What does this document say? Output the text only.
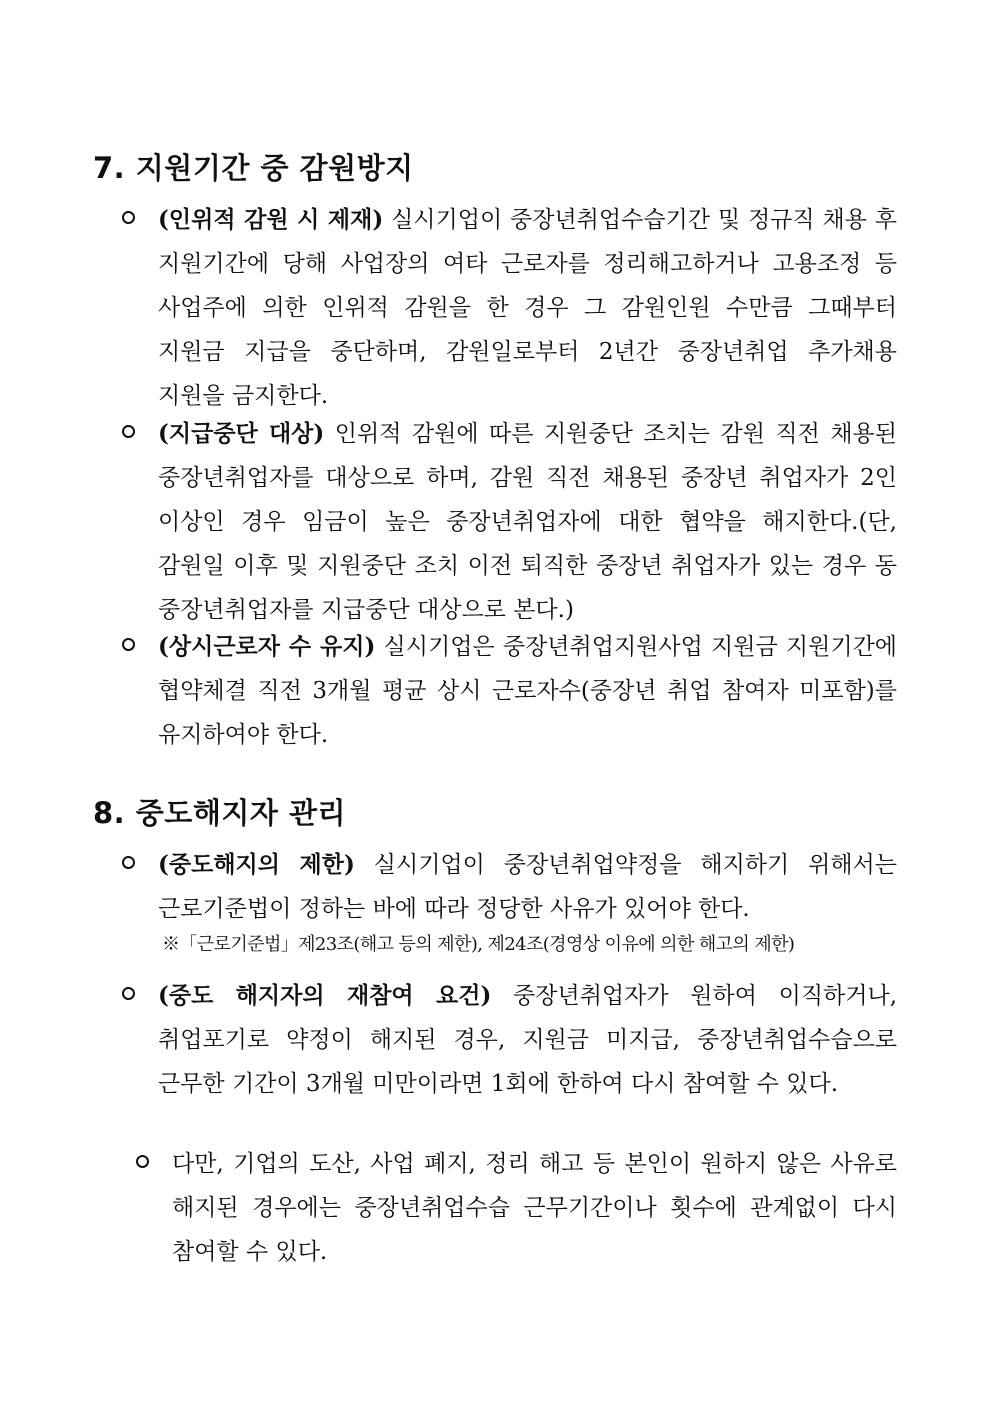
7. 지원기간 중 감원방지
(인위적 감원 시 제재) 실시기업이 중장년취업수습기간 및 정규직 채용 후 지원기간에 당해 사업장의 여타 근로자를 정리해고하거나 고용조정 등 사업주에 의한 인위적 감원을 한 경우 그 감원인원 수만큼 그때부터 지원금 지급을 중단하며, 감원일로부터 2년간 중장년취업 추가채용 지원을 금지한다.
(지급중단 대상) 인위적 감원에 따른 지원중단 조치는 감원 직전 채용된 중장년취업자를 대상으로 하며, 감원 직전 채용된 중장년 취업자가 2인 이상인 경우 임금이 높은 중장년취업자에 대한 협약을 해지한다.(단, 감원일 이후 및 지원중단 조치 이전 퇴직한 중장년 취업자가 있는 경우 동 중장년취업자를 지급중단 대상으로 본다.)
(상시근로자 수 유지) 실시기업은 중장년취업지원사업 지원금 지원기간에 협약체결 직전 3개월 평균 상시 근로자수(중장년 취업 참여자 미포함)를 유지하여야 한다.
8. 중도해지자 관리
(중도해지의 제한) 실시기업이 중장년취업약정을 해지하기 위해서는 근로기준법이 정하는 바에 따라 정당한 사유가 있어야 한다.
※「근로기준법」제23조(해고 등의 제한), 제24조(경영상 이유에 의한 해고의 제한)
(중도 해지자의 재참여 요건) 중장년취업자가 원하여 이직하거나, 취업포기로 약정이 해지된 경우, 지원금 미지급, 중장년취업수습으로 근무한 기간이 3개월 미만이라면 1회에 한하여 다시 참여할 수 있다.
다만, 기업의 도산, 사업 폐지, 정리 해고 등 본인이 원하지 않은 사유로 해지된 경우에는 중장년취업수습 근무기간이나 횟수에 관계없이 다시 참여할 수 있다.
